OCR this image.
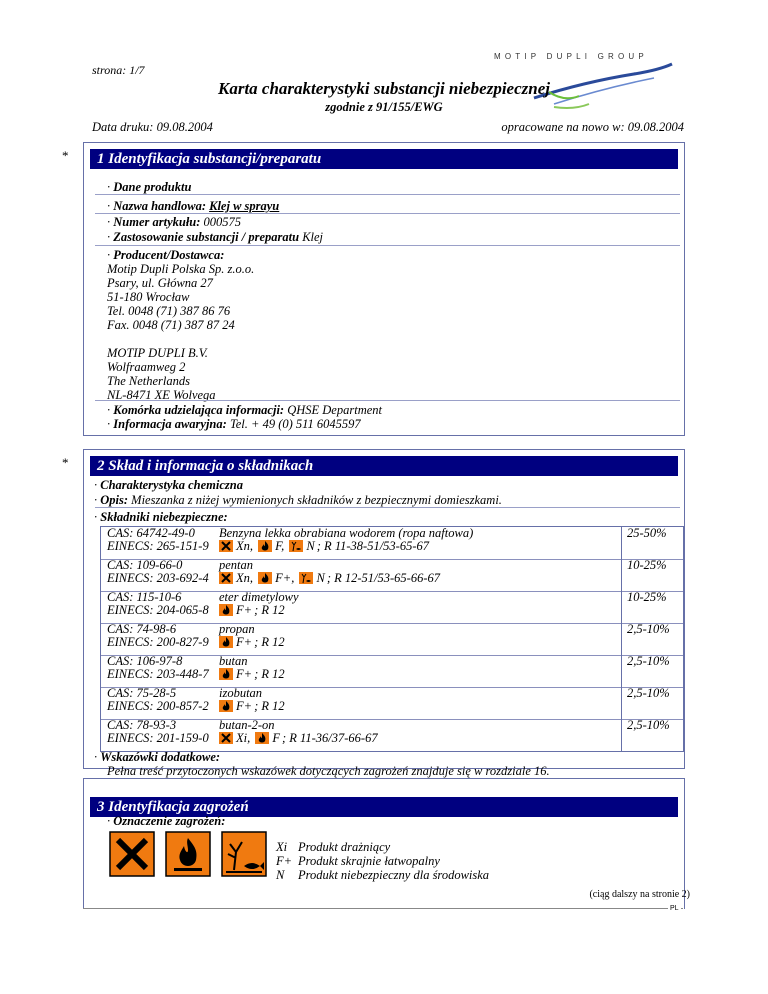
strona: 1/7
MOTIP DUPLI GROUP
Karta charakterystyki substancji niebezpiecznej
zgodnie z 91/155/EWG
Data druku: 09.08.2004	opracowane na nowo w: 09.08.2004
*	1 Identyfikacja substancji/preparatu
· Dane produktu
· Nazwa handlowa: Klej w sprayu
· Numer artykułu: 000575
· Zastosowanie substancji / preparatu Klej
· Producent/Dostawca:
Motip Dupli Polska Sp. z.o.o.
Psary, ul. Główna 27
51-180 Wrocław
Tel. 0048 (71) 387 86 76
Fax. 0048 (71) 387 87 24
MOTIP DUPLI B.V.
Wolfraamweg 2
The Netherlands
NL-8471 XE Wolvega
· Komórka udzielająca informacji: QHSE Department
· Informacja awaryjna: Tel. + 49 (0) 511 6045597
*	2 Skład i informacja o składnikach
· Charakterystyka chemiczna
· Opis: Mieszanka z niżej wymienionych składników z bezpiecznymi domieszkami.
· Składniki niebezpieczne:
CAS: 64742-49-0
EINECS: 265-151-9
Benzyna lekka obrabiana wodorem (ropa naftowa)
Xn, F, N ; R 11-38-51/53-65-67
25-50%
CAS: 109-66-0
EINECS: 203-692-4
pentan
Xn, F+, N ; R 12-51/53-65-66-67
10-25%
CAS: 115-10-6
EINECS: 204-065-8
eter dimetylowy
F+ ; R 12
10-25%
CAS: 74-98-6
EINECS: 200-827-9
propan
F+ ; R 12
2,5-10%
CAS: 106-97-8
EINECS: 203-448-7
butan
F+ ; R 12
2,5-10%
CAS: 75-28-5
EINECS: 200-857-2
izobutan
F+ ; R 12
2,5-10%
CAS: 78-93-3
EINECS: 201-159-0
butan-2-on
Xi, F ; R 11-36/37-66-67
2,5-10%
· Wskazówki dodatkowe:
Pełna treść przytoczonych wskazówek dotyczących zagrożeń znajduje się w rozdziale 16.
3 Identyfikacja zagrożeń
· Oznaczenie zagrożeń:
Xi Produkt drażniący
F+ Produkt skrajnie łatwopalny
N Produkt niebezpieczny dla środowiska
(ciąg dalszy na stronie 2)
PL
